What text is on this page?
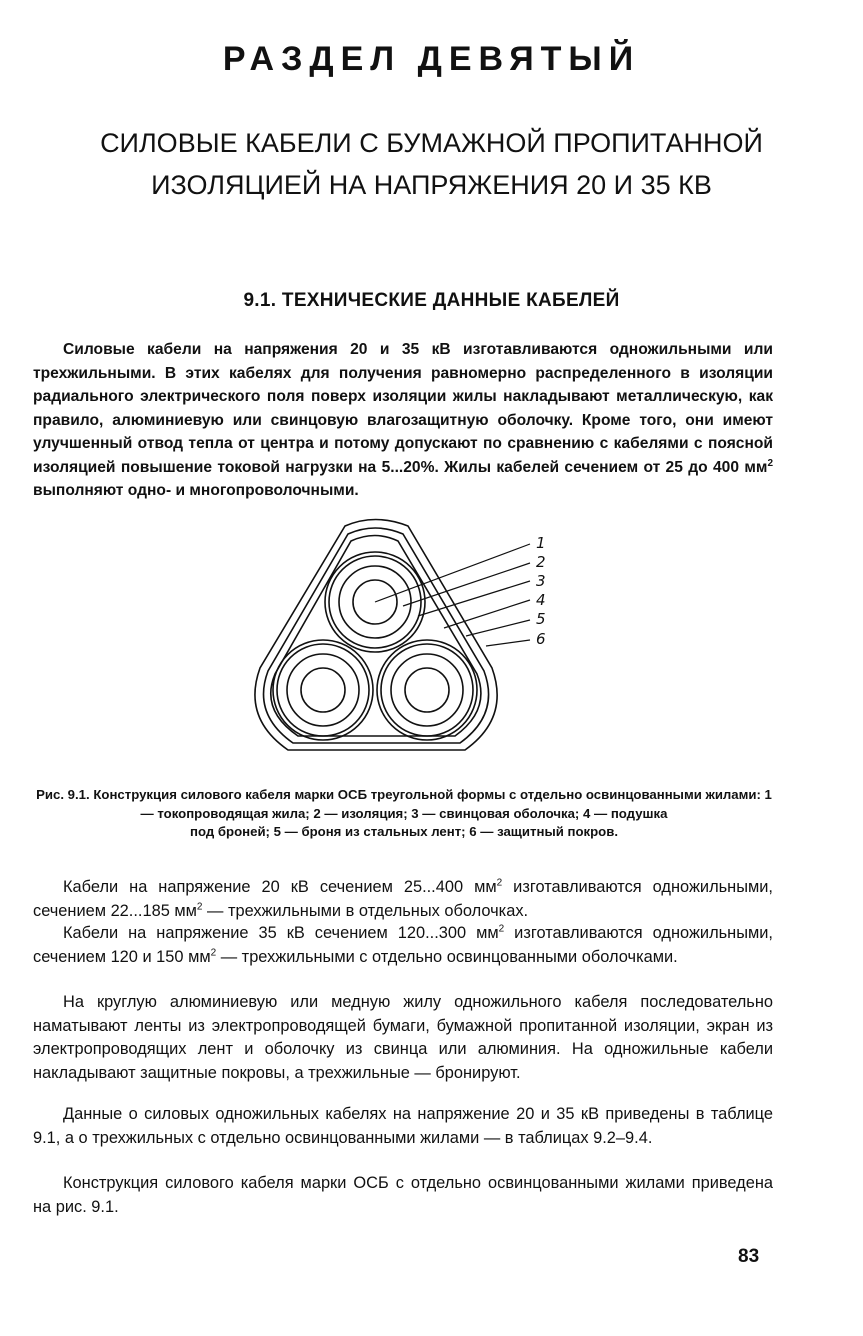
РАЗДЕЛ ДЕВЯТЫЙ
СИЛОВЫЕ КАБЕЛИ С БУМАЖНОЙ ПРОПИТАННОЙ
ИЗОЛЯЦИЕЙ НА НАПРЯЖЕНИЯ 20 И 35 КВ
9.1. ТЕХНИЧЕСКИЕ ДАННЫЕ КАБЕЛЕЙ

Силовые кабели на напряжения 20 и 35 кВ изготавливаются одножильными или трехжильными. В этих кабелях для получения равномерно распределенного в изоляции радиального электрического поля поверх изоляции жилы накладывают металлическую, как правило, алюминиевую или свинцовую влагозащитную оболочку. Кроме того, они имеют улучшенный отвод тепла от центра и потому допускают по сравнению с кабелями с поясной изоляцией повышение токовой нагрузки на 5...20%. Жилы кабелей сечением от 25 до 400 $мм^2$ выполняют одно- и многопроволочными.

1
2
3
4
5
6
Рис. 9.1. Конструкция силового кабеля марки ОСБ треугольной формы с отдельно освинцованными жилами: 1 — токопроводящая жила; 2 — изоляция; 3 — свинцовая оболочка; 4 — подушка
под броней; 5 — броня из стальных лент; 6 — защитный покров.

Кабели на напряжение 20 кВ сечением 25...400 $мм^2$ изготавливаются одножильными, сечением 22...185 $мм^2$ — трехжильными в отдельных оболочках.

Кабели на напряжение 35 кВ сечением 120...300 $мм^2$ изготавливаются одножильными, сечением 120 и 150 $мм^2$ — трехжильными с отдельно освинцованными оболочками.

На круглую алюминиевую или медную жилу одножильного кабеля последовательно наматывают ленты из электропроводящей бумаги, бумажной пропитанной изоляции, экран из электропроводящих лент и оболочку из свинца или алюминия. На одножильные кабели накладывают защитные покровы, а трехжильные — бронируют.

Данные о силовых одножильных кабелях на напряжение 20 и 35 кВ приведены в таблице 9.1, а о трехжильных с отдельно освинцованными жилами — в таблицах 9.2–9.4.

Конструкция силового кабеля марки ОСБ с отдельно освинцованными жилами приведена на рис. 9.1.

83
